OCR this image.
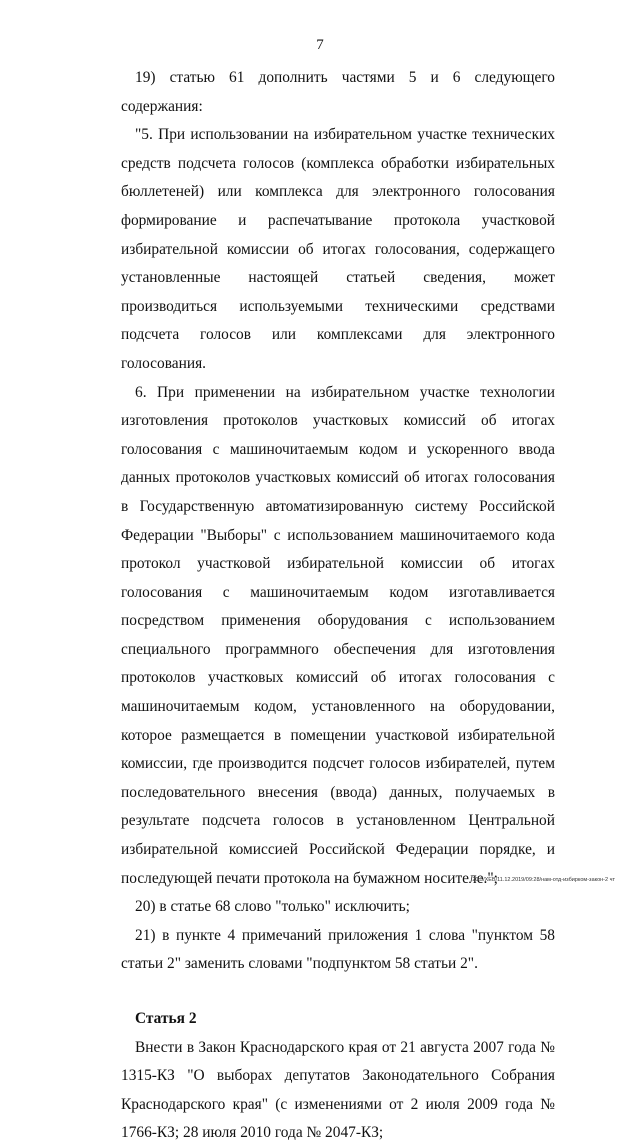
7

19) статью 61 дополнить частями 5 и 6 следующего содержания:

"5. При использовании на избирательном участке технических средств подсчета голосов (комплекса обработки избирательных бюллетеней) или комплекса для электронного голосования формирование и распечатывание протокола участковой избирательной комиссии об итогах голосования, содержащего установленные настоящей статьей сведения, может производиться используемыми техническими средствами подсчета голосов или комплексами для электронного голосования.

6. При применении на избирательном участке технологии изготовления протоколов участковых комиссий об итогах голосования с машиночитаемым кодом и ускоренного ввода данных протоколов участковых комиссий об итогах голосования в Государственную автоматизированную систему Российской Федерации "Выборы" с использованием машиночитаемого кода протокол участковой избирательной комиссии об итогах голосования с машиночитаемым кодом изготавливается посредством применения оборудования с использованием специального программного обеспечения для изготовления протоколов участковых комиссий об итогах голосования с машиночитаемым кодом, установленного на оборудовании, которое размещается в помещении участковой избирательной комиссии, где производится подсчет голосов избирателей, путем последовательного внесения (ввода) данных, получаемых в результате подсчета голосов в установленном Центральной избирательной комиссией Российской Федерации порядке, и последующей печати протокола на бумажном носителе.";

20) в статье 68 слово "только" исключить;

21) в пункте 4 примечаний приложения 1 слова "пунктом 58 статьи 2" заменить словами "подпунктом 58 статьи 2".

Статья 2

Внести в Закон Краснодарского края от 21 августа 2007 года № 1315-КЗ "О выборах депутатов Законодательного Собрания Краснодарского края" (с изменениями от 2 июля 2009 года № 1766-КЗ; 28 июля 2010 года № 2047-КЗ;

20.3/XEB/11.12.2019/09:28/нам-отд-избирком-закон-2 чт
